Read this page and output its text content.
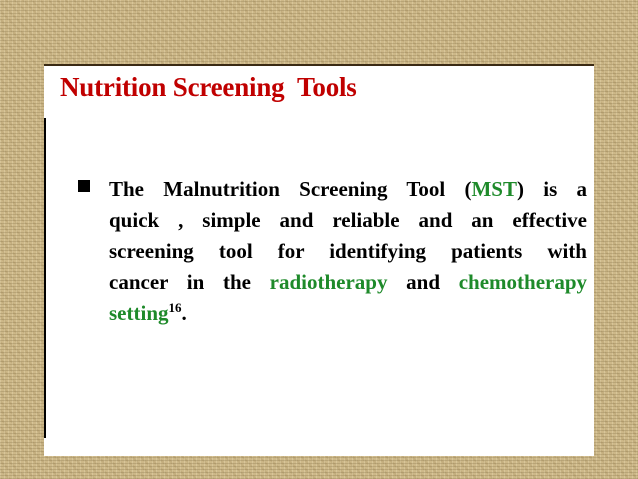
Nutrition Screening  Tools
The Malnutrition Screening Tool (MST) is a
quick , simple and reliable and an effective
screening tool for identifying patients with
cancer in the radiotherapy and chemotherapy
setting$^{16}$.
